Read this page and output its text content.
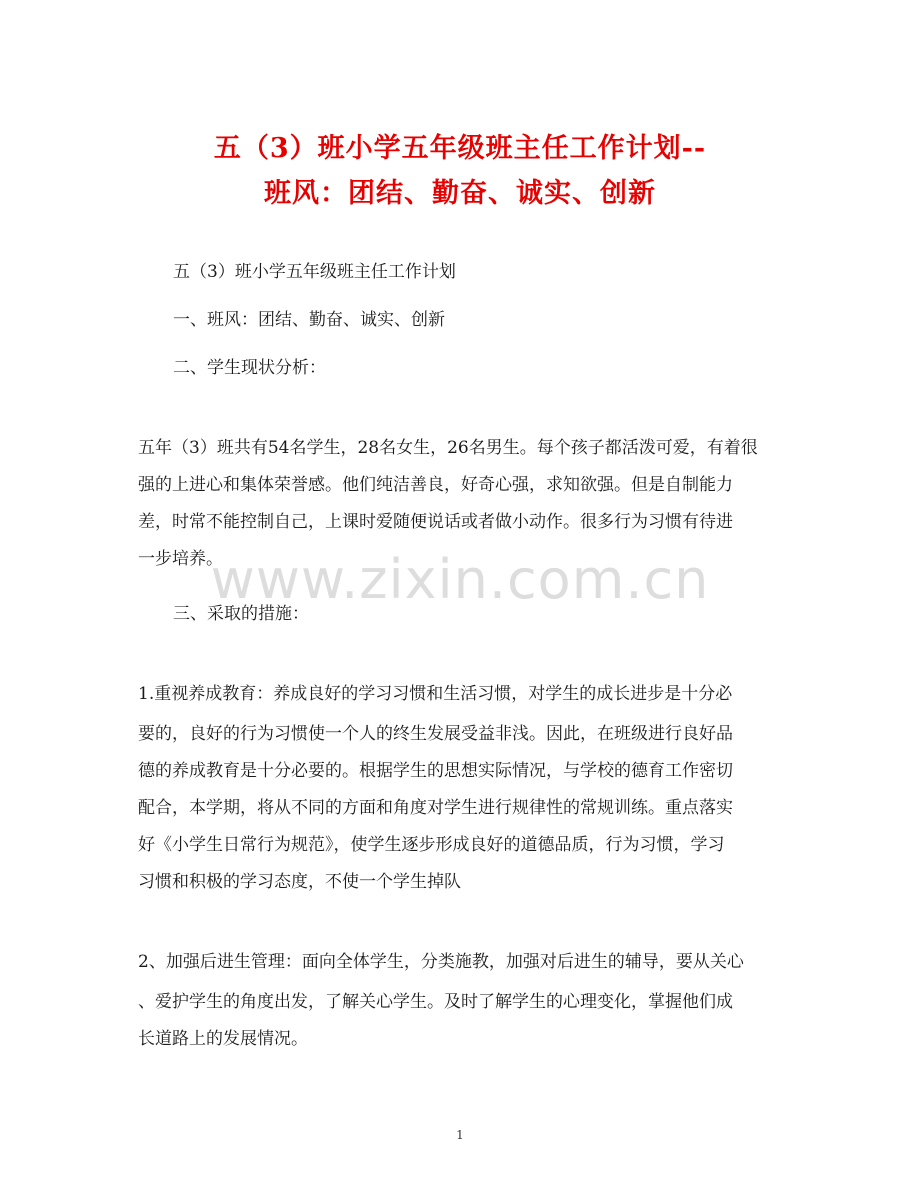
五（3）班小学五年级班主任工作计划--
班风：团结、勤奋、诚实、创新
五（3）班小学五年级班主任工作计划
一、班风：团结、勤奋、诚实、创新
二、学生现状分析：
五年（3）班共有54名学生，28名女生，26名男生。每个孩子都活泼可爱，有着很
强的上进心和集体荣誉感。他们纯洁善良，好奇心强，求知欲强。但是自制能力
差，时常不能控制自己，上课时爱随便说话或者做小动作。很多行为习惯有待进
一步培养。
三、采取的措施：
1.重视养成教育：养成良好的学习习惯和生活习惯，对学生的成长进步是十分必
要的，良好的行为习惯使一个人的终生发展受益非浅。因此，在班级进行良好品
德的养成教育是十分必要的。根据学生的思想实际情况，与学校的德育工作密切
配合，本学期，将从不同的方面和角度对学生进行规律性的常规训练。重点落实
好《小学生日常行为规范》，使学生逐步形成良好的道德品质，行为习惯，学习
习惯和积极的学习态度，不使一个学生掉队
2、加强后进生管理：面向全体学生，分类施教，加强对后进生的辅导，要从关心
、爱护学生的角度出发，了解关心学生。及时了解学生的心理变化，掌握他们成
长道路上的发展情况。
www.zixin.com.cn
1
